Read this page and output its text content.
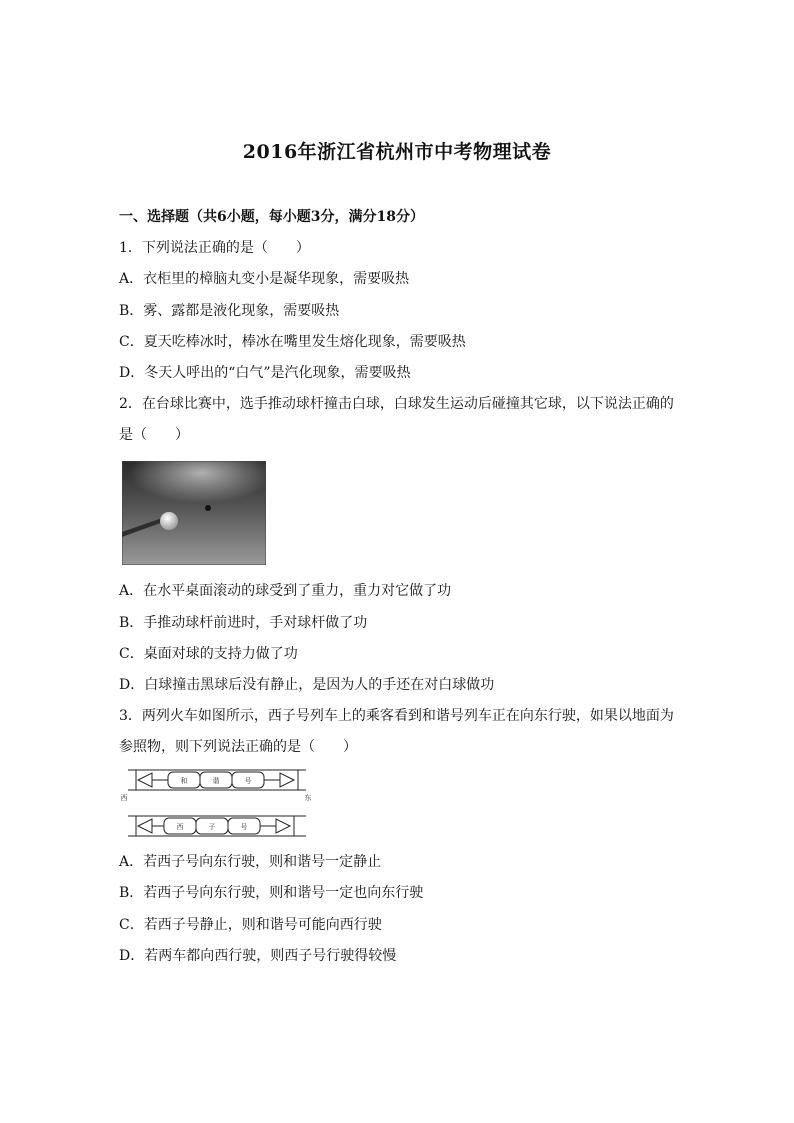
2016年浙江省杭州市中考物理试卷
一、选择题（共6小题，每小题3分，满分18分）
1．下列说法正确的是（　　）
A．衣柜里的樟脑丸变小是凝华现象，需要吸热
B．雾、露都是液化现象，需要吸热
C．夏天吃棒冰时，棒冰在嘴里发生熔化现象，需要吸热
D．冬天人呼出的“白气”是汽化现象，需要吸热
2．在台球比赛中，选手推动球杆撞击白球，白球发生运动后碰撞其它球，以下说法正确的
是（　　）
A．在水平桌面滚动的球受到了重力，重力对它做了功
B．手推动球杆前进时，手对球杆做了功
C．桌面对球的支持力做了功
D．白球撞击黑球后没有静止，是因为人的手还在对白球做功
3．两列火车如图所示，西子号列车上的乘客看到和谐号列车正在向东行驶，如果以地面为
参照物，则下列说法正确的是（　　）
和	谐	号
西	子	号
西	东
A．若西子号向东行驶，则和谐号一定静止
B．若西子号向东行驶，则和谐号一定也向东行驶
C．若西子号静止，则和谐号可能向西行驶
D．若两车都向西行驶，则西子号行驶得较慢
